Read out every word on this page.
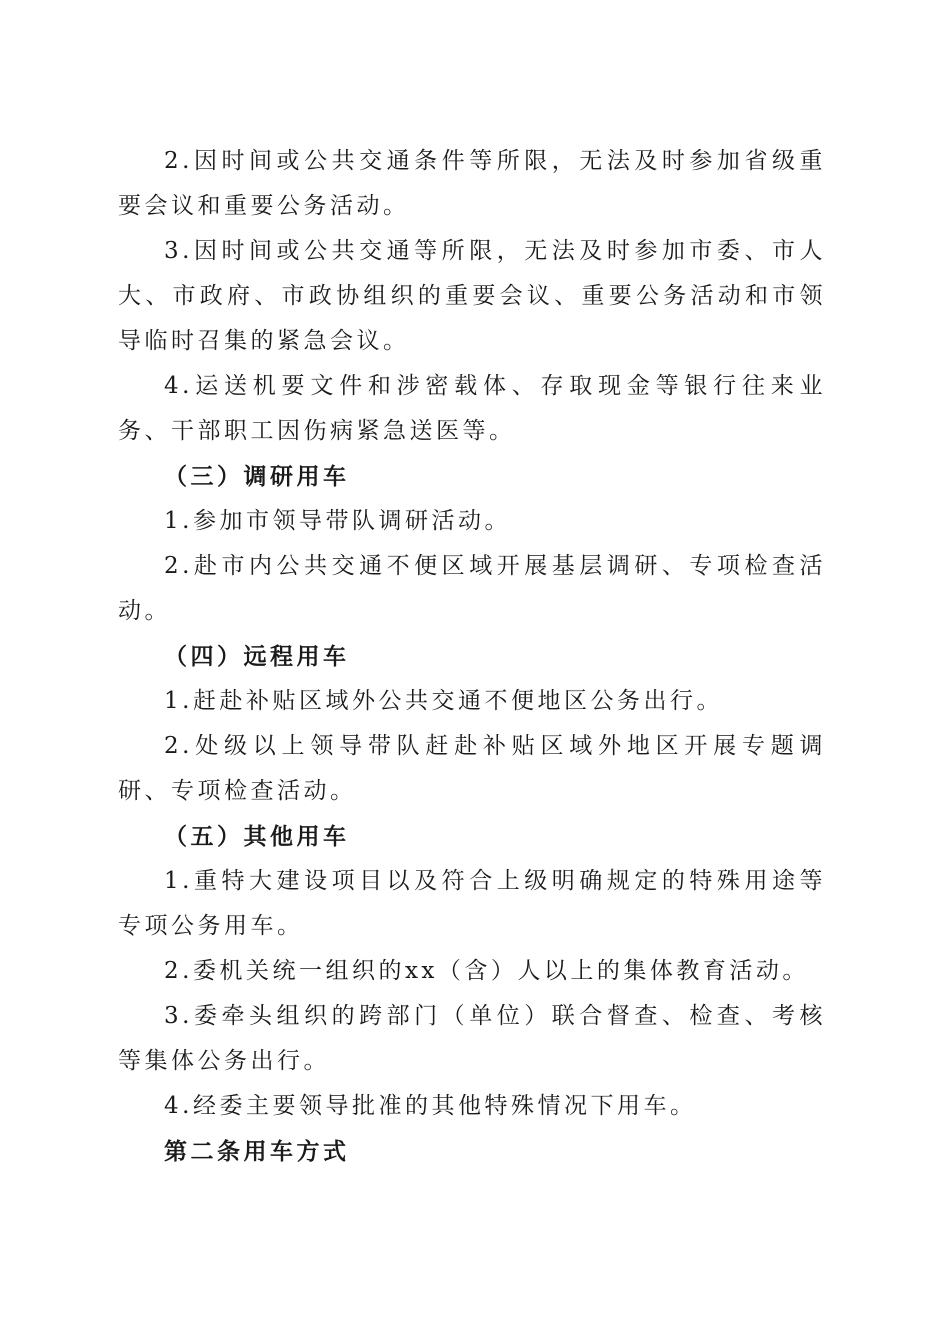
2.因时间或公共交通条件等所限，无法及时参加省级重要会议和重要公务活动。

3.因时间或公共交通等所限，无法及时参加市委、市人大、市政府、市政协组织的重要会议、重要公务活动和市领导临时召集的紧急会议。

4.运送机要文件和涉密载体、存取现金等银行往来业务、干部职工因伤病紧急送医等。

（三）调研用车

1.参加市领导带队调研活动。

2.赴市内公共交通不便区域开展基层调研、专项检查活动。

（四）远程用车

1.赶赴补贴区域外公共交通不便地区公务出行。

2.处级以上领导带队赶赴补贴区域外地区开展专题调研、专项检查活动。

（五）其他用车

1.重特大建设项目以及符合上级明确规定的特殊用途等专项公务用车。

2.委机关统一组织的xx（含）人以上的集体教育活动。

3.委牵头组织的跨部门（单位）联合督查、检查、考核等集体公务出行。

4.经委主要领导批准的其他特殊情况下用车。

第二条用车方式
